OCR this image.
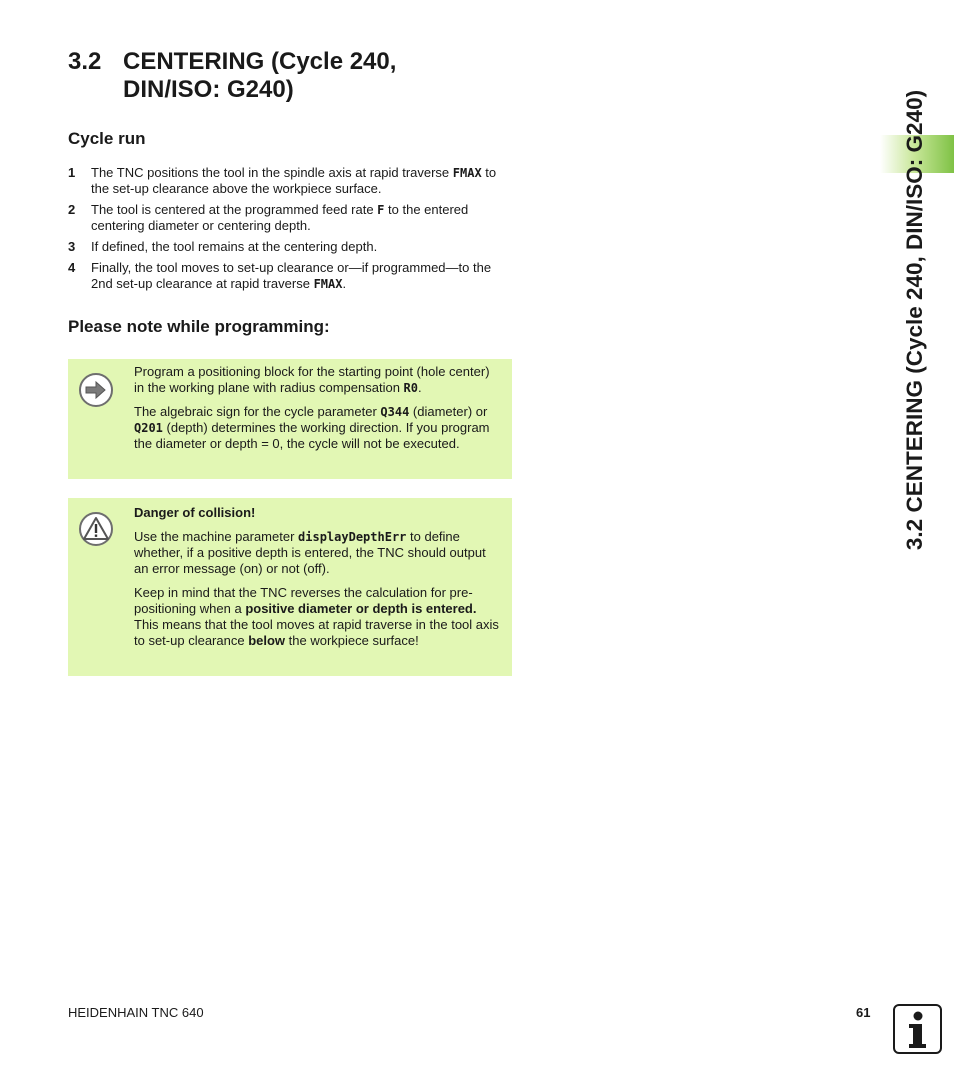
3.2 CENTERING (Cycle 240,
DIN/ISO: G240)
Cycle run
1 The TNC positions the tool in the spindle axis at rapid traverse FMAX to the set-up clearance above the workpiece surface.
2 The tool is centered at the programmed feed rate F to the entered centering diameter or centering depth.
3 If defined, the tool remains at the centering depth.
4 Finally, the tool moves to set-up clearance or—if programmed—to the 2nd set-up clearance at rapid traverse FMAX.
Please note while programming:

Program a positioning block for the starting point (hole center) in the working plane with radius compensation R0.

The algebraic sign for the cycle parameter Q344 (diameter) or Q201 (depth) determines the working direction. If you program the diameter or depth = 0, the cycle will not be executed.

Danger of collision!

Use the machine parameter displayDepthErr to define whether, if a positive depth is entered, the TNC should output an error message (on) or not (off).

Keep in mind that the TNC reverses the calculation for pre-positioning when a positive diameter or depth is entered. This means that the tool moves at rapid traverse in the tool axis to set-up clearance below the workpiece surface!

3.2 CENTERING (Cycle 240, DIN/ISO: G240)
HEIDENHAIN TNC 640	61
